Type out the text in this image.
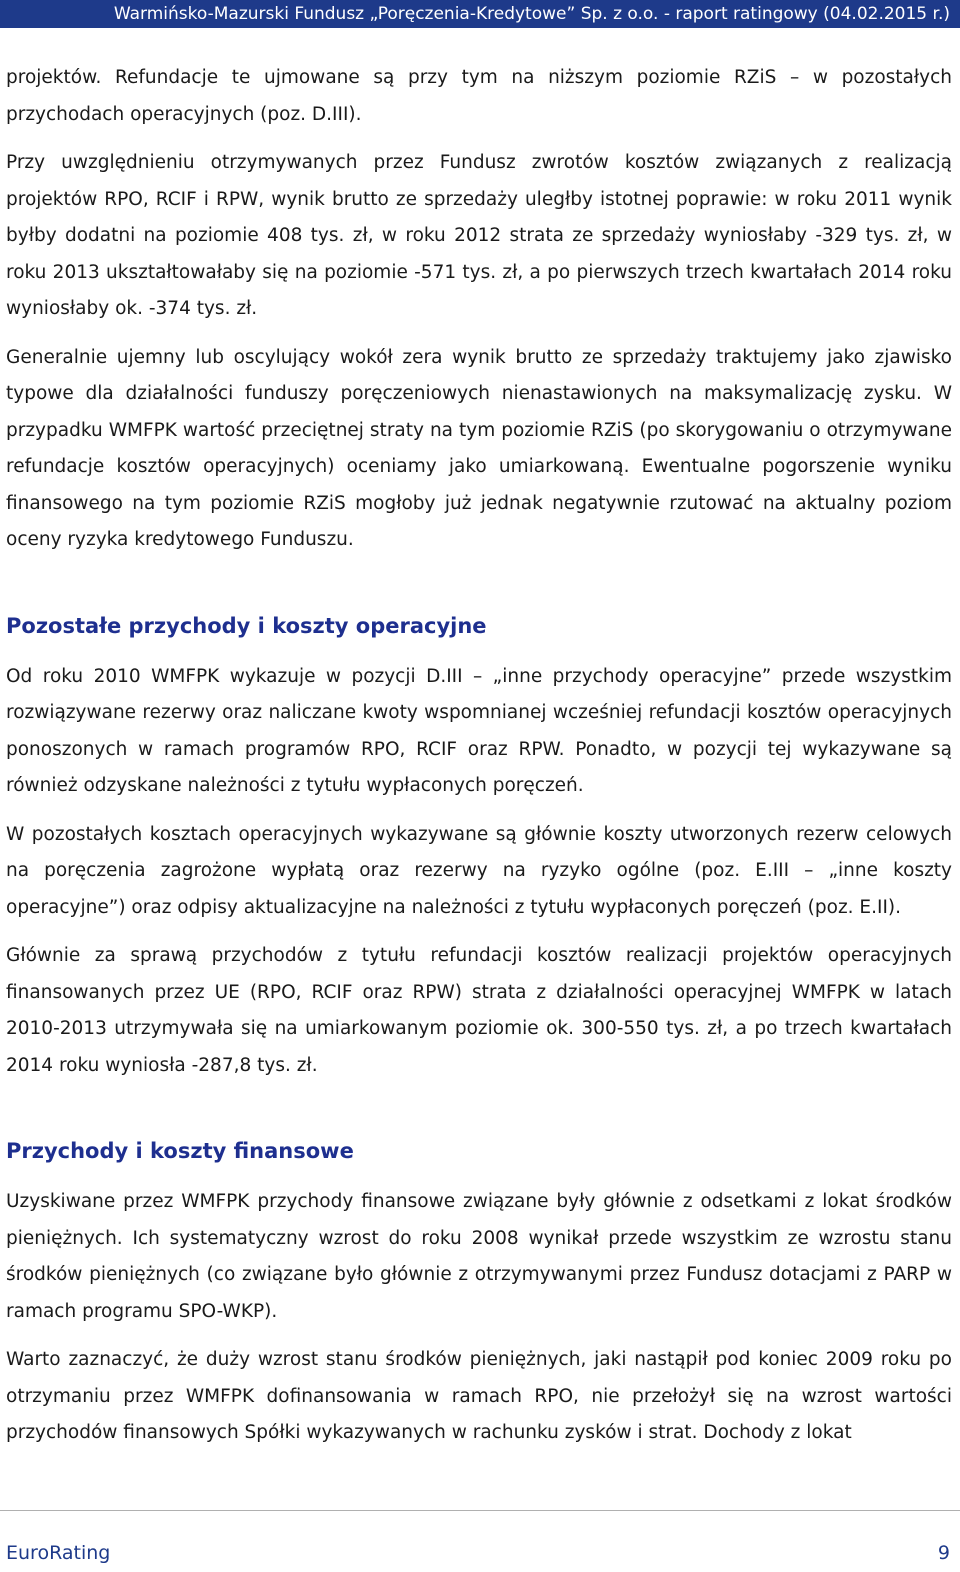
Warmińsko-Mazurski Fundusz „Poręczenia-Kredytowe” Sp. z o.o. - raport ratingowy (04.02.2015 r.)

projektów. Refundacje te ujmowane są przy tym na niższym poziomie RZiS – w pozostałych przychodach operacyjnych (poz. D.III).

Przy uwzględnieniu otrzymywanych przez Fundusz zwrotów kosztów związanych z realizacją projektów RPO, RCIF i RPW, wynik brutto ze sprzedaży uległby istotnej poprawie: w roku 2011 wynik byłby dodatni na poziomie 408 tys. zł, w roku 2012 strata ze sprzedaży wyniosłaby -329 tys. zł, w roku 2013 ukształtowałaby się na poziomie -571 tys. zł, a po pierwszych trzech kwartałach 2014 roku wyniosłaby ok. -374 tys. zł.

Generalnie ujemny lub oscylujący wokół zera wynik brutto ze sprzedaży traktujemy jako zjawisko typowe dla działalności funduszy poręczeniowych nienastawionych na maksymalizację zysku. W przypadku WMFPK wartość przeciętnej straty na tym poziomie RZiS (po skorygowaniu o otrzymywane refundacje kosztów operacyjnych) oceniamy jako umiarkowaną. Ewentualne pogorszenie wyniku finansowego na tym poziomie RZiS mogłoby już jednak negatywnie rzutować na aktualny poziom oceny ryzyka kredytowego Funduszu.

Pozostałe przychody i koszty operacyjne

Od roku 2010 WMFPK wykazuje w pozycji D.III – „inne przychody operacyjne” przede wszystkim rozwiązywane rezerwy oraz naliczane kwoty wspomnianej wcześniej refundacji kosztów operacyjnych ponoszonych w ramach programów RPO, RCIF oraz RPW. Ponadto, w pozycji tej wykazywane są również odzyskane należności z tytułu wypłaconych poręczeń.

W pozostałych kosztach operacyjnych wykazywane są głównie koszty utworzonych rezerw celowych na poręczenia zagrożone wypłatą oraz rezerwy na ryzyko ogólne (poz. E.III – „inne koszty operacyjne”) oraz odpisy aktualizacyjne na należności z tytułu wypłaconych poręczeń (poz. E.II).

Głównie za sprawą przychodów z tytułu refundacji kosztów realizacji projektów operacyjnych finansowanych przez UE (RPO, RCIF oraz RPW) strata z działalności operacyjnej WMFPK w latach 2010-2013 utrzymywała się na umiarkowanym poziomie ok. 300-550 tys. zł, a po trzech kwartałach 2014 roku wyniosła -287,8 tys. zł.

Przychody i koszty finansowe

Uzyskiwane przez WMFPK przychody finansowe związane były głównie z odsetkami z lokat środków pieniężnych. Ich systematyczny wzrost do roku 2008 wynikał przede wszystkim ze wzrostu stanu środków pieniężnych (co związane było głównie z otrzymywanymi przez Fundusz dotacjami z PARP w ramach programu SPO-WKP).

Warto zaznaczyć, że duży wzrost stanu środków pieniężnych, jaki nastąpił pod koniec 2009 roku po otrzymaniu przez WMFPK dofinansowania w ramach RPO, nie przełożył się na wzrost wartości przychodów finansowych Spółki wykazywanych w rachunku zysków i strat. Dochody z lokat

EuroRating	9
